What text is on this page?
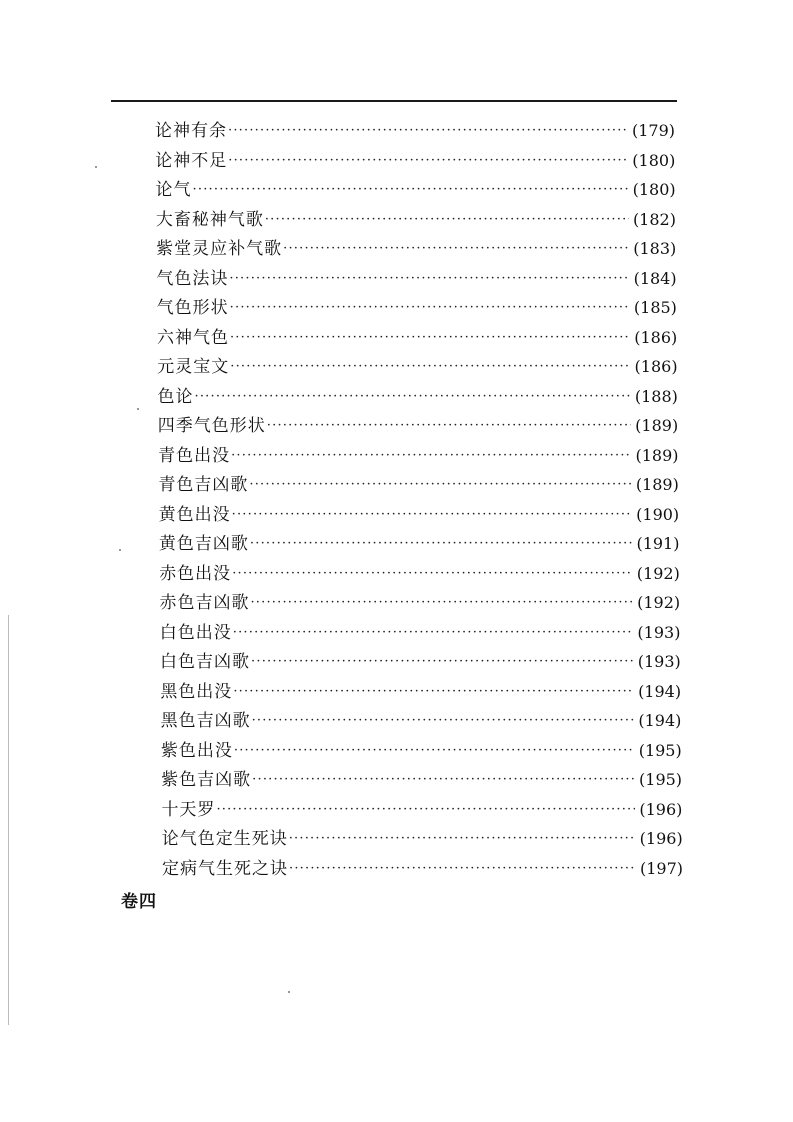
论神有余 ·····	(179)
论神不足 ·····	(180)
论气 ·····	(180)
大畜秘神气歌 ·····	(182)
紫堂灵应补气歌 ·····	(183)
气色法诀 ·····	(184)
气色形状 ·····	(185)
六神气色 ·····	(186)
元灵宝文 ·····	(186)
色论 ·····	(188)
四季气色形状 ·····	(189)
青色出没 ·····	(189)
青色吉凶歌 ·····	(189)
黄色出没 ·····	(190)
黄色吉凶歌 ·····	(191)
赤色出没 ·····	(192)
赤色吉凶歌 ·····	(192)
白色出没 ·····	(193)
白色吉凶歌 ·····	(193)
黑色出没 ·····	(194)
黑色吉凶歌 ·····	(194)
紫色出没 ·····	(195)
紫色吉凶歌 ·····	(195)
十天罗 ·····	(196)
论气色定生死诀 ·····	(196)
定病气生死之诀 ·····	(197)
卷四
